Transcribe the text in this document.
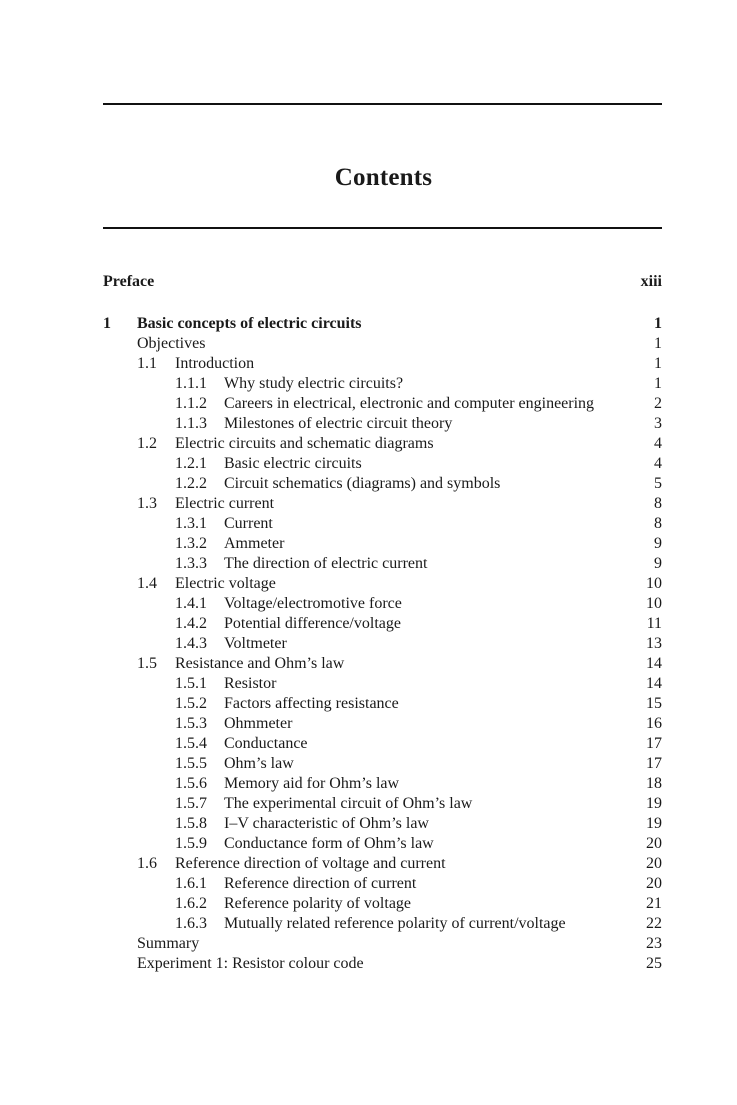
Contents
Preface	xiii
1 Basic concepts of electric circuits	1
Objectives	1
1.1 Introduction	1
1.1.1 Why study electric circuits?	1
1.1.2 Careers in electrical, electronic and computer engineering	2
1.1.3 Milestones of electric circuit theory	3
1.2 Electric circuits and schematic diagrams	4
1.2.1 Basic electric circuits	4
1.2.2 Circuit schematics (diagrams) and symbols	5
1.3 Electric current	8
1.3.1 Current	8
1.3.2 Ammeter	9
1.3.3 The direction of electric current	9
1.4 Electric voltage	10
1.4.1 Voltage/electromotive force	10
1.4.2 Potential difference/voltage	11
1.4.3 Voltmeter	13
1.5 Resistance and Ohm’s law	14
1.5.1 Resistor	14
1.5.2 Factors affecting resistance	15
1.5.3 Ohmmeter	16
1.5.4 Conductance	17
1.5.5 Ohm’s law	17
1.5.6 Memory aid for Ohm’s law	18
1.5.7 The experimental circuit of Ohm’s law	19
1.5.8 I–V characteristic of Ohm’s law	19
1.5.9 Conductance form of Ohm’s law	20
1.6 Reference direction of voltage and current	20
1.6.1 Reference direction of current	20
1.6.2 Reference polarity of voltage	21
1.6.3 Mutually related reference polarity of current/voltage	22
Summary	23
Experiment 1: Resistor colour code	25
